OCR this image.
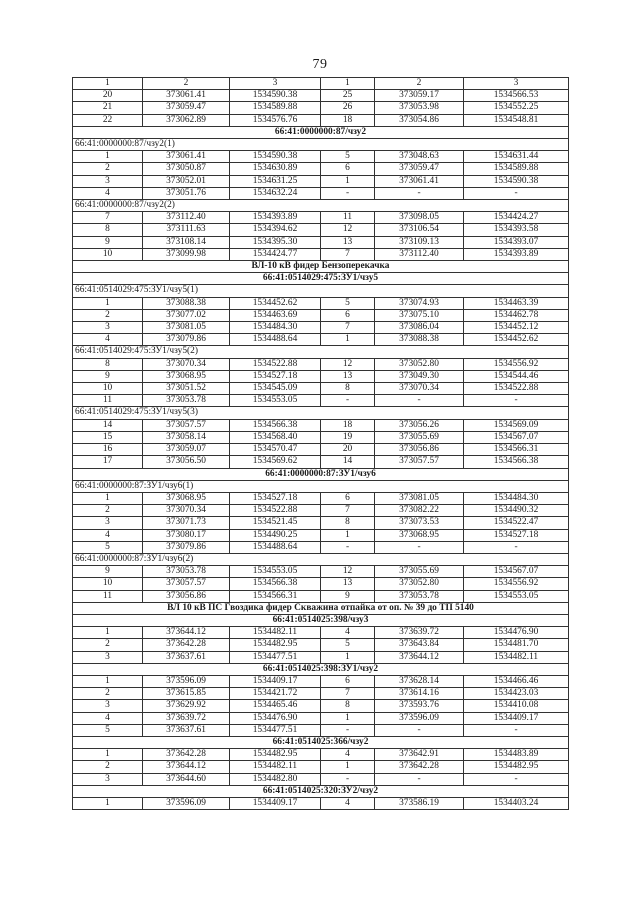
79
1	2	3	1	2	3
20	373061.41	1534590.38	25	373059.17	1534566.53
21	373059.47	1534589.88	26	373053.98	1534552.25
22	373062.89	1534576.76	18	373054.86	1534548.81
66:41:0000000:87/чзу2					
66:41:0000000:87/чзу2(1)					
1	373061.41	1534590.38	5	373048.63	1534631.44
2	373050.87	1534630.89	6	373059.47	1534589.88
3	373052.01	1534631.25	1	373061.41	1534590.38
4	373051.76	1534632.24	-	-	-
66:41:0000000:87/чзу2(2)					
7	373112.40	1534393.89	11	373098.05	1534424.27
8	373111.63	1534394.62	12	373106.54	1534393.58
9	373108.14	1534395.30	13	373109.13	1534393.07
10	373099.98	1534424.77	7	373112.40	1534393.89
ВЛ-10 кВ фидер Бензоперекачка					
66:41:0514029:475:ЗУ1/чзу5					
66:41:0514029:475:ЗУ1/чзу5(1)					
1	373088.38	1534452.62	5	373074.93	1534463.39
2	373077.02	1534463.69	6	373075.10	1534462.78
3	373081.05	1534484.30	7	373086.04	1534452.12
4	373079.86	1534488.64	1	373088.38	1534452.62
66:41:0514029:475:ЗУ1/чзу5(2)					
8	373070.34	1534522.88	12	373052.80	1534556.92
9	373068.95	1534527.18	13	373049.30	1534544.46
10	373051.52	1534545.09	8	373070.34	1534522.88
11	373053.78	1534553.05	-	-	-
66:41:0514029:475:ЗУ1/чзу5(3)					
14	373057.57	1534566.38	18	373056.26	1534569.09
15	373058.14	1534568.40	19	373055.69	1534567.07
16	373059.07	1534570.47	20	373056.86	1534566.31
17	373056.50	1534569.62	14	373057.57	1534566.38
66:41:0000000:87:ЗУ1/чзу6					
66:41:0000000:87:ЗУ1/чзу6(1)					
1	373068.95	1534527.18	6	373081.05	1534484.30
2	373070.34	1534522.88	7	373082.22	1534490.32
3	373071.73	1534521.45	8	373073.53	1534522.47
4	373080.17	1534490.25	1	373068.95	1534527.18
5	373079.86	1534488.64	-	-	-
66:41:0000000:87:ЗУ1/чзу6(2)					
9	373053.78	1534553.05	12	373055.69	1534567.07
10	373057.57	1534566.38	13	373052.80	1534556.92
11	373056.86	1534566.31	9	373053.78	1534553.05
ВЛ 10 кВ ПС Гвоздика фидер Скважина отпайка от оп. № 39 до ТП 5140					
66:41:0514025:398/чзу3					
1	373644.12	1534482.11	4	373639.72	1534476.90
2	373642.28	1534482.95	5	373643.84	1534481.70
3	373637.61	1534477.51	1	373644.12	1534482.11
66:41:0514025:398:ЗУ1/чзу2					
1	373596.09	1534409.17	6	373628.14	1534466.46
2	373615.85	1534421.72	7	373614.16	1534423.03
3	373629.92	1534465.46	8	373593.76	1534410.08
4	373639.72	1534476.90	1	373596.09	1534409.17
5	373637.61	1534477.51	-	-	-
66:41:0514025:366/чзу2					
1	373642.28	1534482.95	4	373642.91	1534483.89
2	373644.12	1534482.11	1	373642.28	1534482.95
3	373644.60	1534482.80	-	-	-
66:41:0514025:320:ЗУ2/чзу2					
1	373596.09	1534409.17	4	373586.19	1534403.24
